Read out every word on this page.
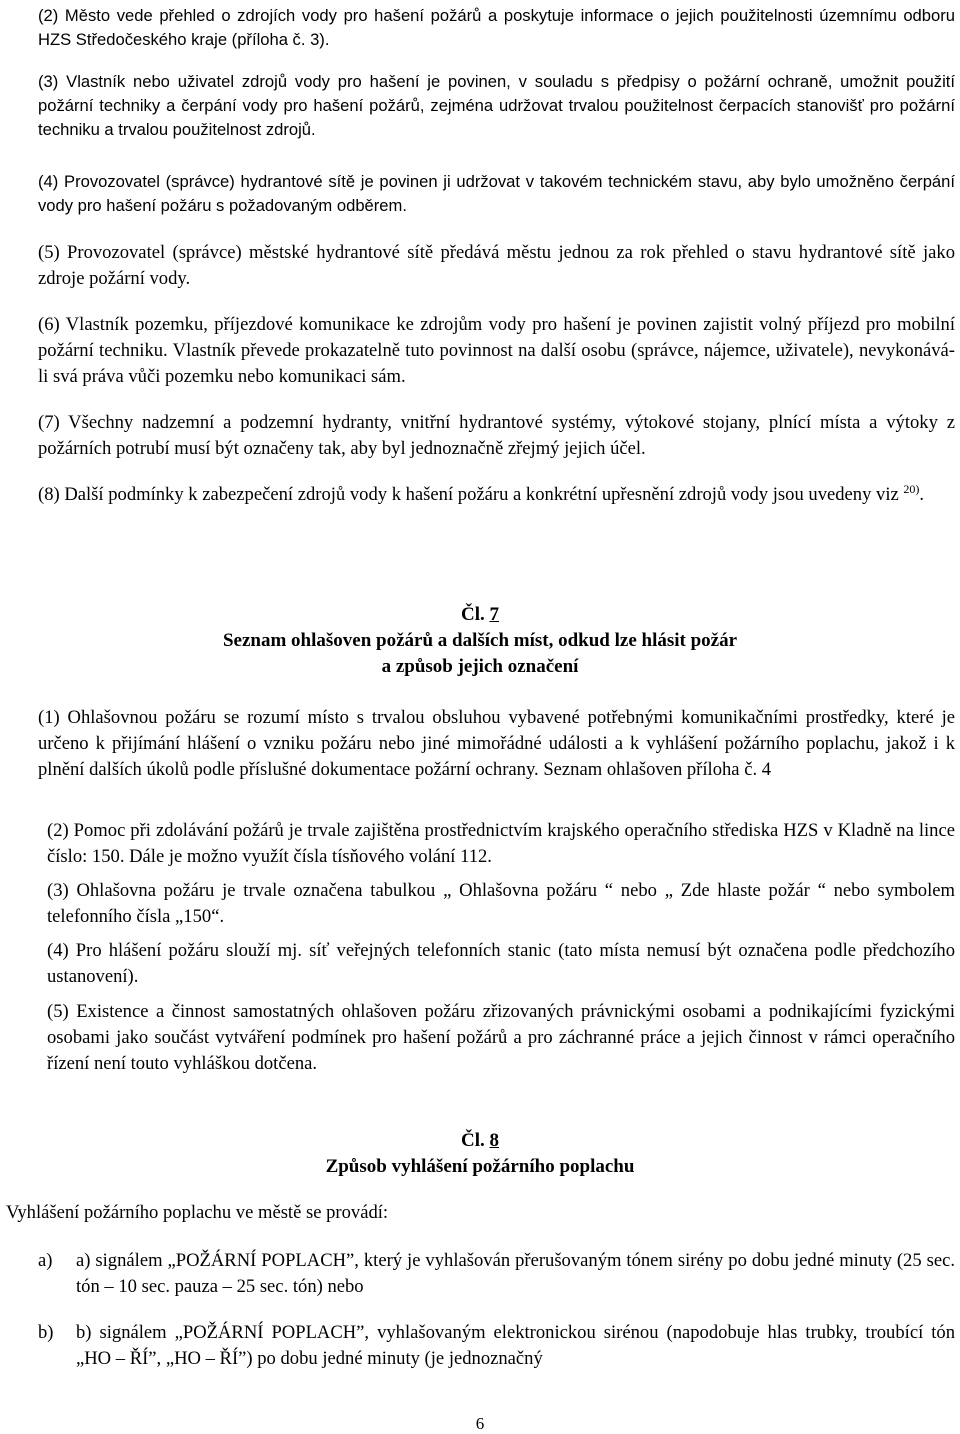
(2) Město vede přehled o zdrojích vody pro hašení požárů a poskytuje informace o jejich použitelnosti územnímu odboru HZS Středočeského kraje (příloha č. 3).

(3) Vlastník nebo uživatel zdrojů vody pro hašení je povinen, v souladu s předpisy o požární ochraně, umožnit použití požární techniky a čerpání vody pro hašení požárů, zejména udržovat trvalou použitelnost čerpacích stanovišť pro požární techniku a trvalou použitelnost zdrojů.

(4) Provozovatel (správce) hydrantové sítě je povinen ji udržovat v takovém technickém stavu, aby bylo umožněno čerpání vody pro hašení požáru s požadovaným odběrem.

(5) Provozovatel (správce) městské hydrantové sítě předává městu jednou za rok přehled o stavu hydrantové sítě jako zdroje požární vody.

(6) Vlastník pozemku, příjezdové komunikace ke zdrojům vody pro hašení je povinen zajistit volný příjezd pro mobilní požární techniku. Vlastník převede prokazatelně tuto povinnost na další osobu (správce, nájemce, uživatele), nevykonává-li svá práva vůči pozemku nebo komunikaci sám.

(7) Všechny nadzemní a podzemní hydranty, vnitřní hydrantové systémy, výtokové stojany, plnící místa a výtoky z požárních potrubí musí být označeny tak, aby byl jednoznačně zřejmý jejich účel.

(8) Další podmínky k zabezpečení zdrojů vody k hašení požáru a konkrétní upřesnění zdrojů vody jsou uvedeny viz $^{20)}$.

Čl. 7

Seznam ohlašoven požárů a dalších míst, odkud lze hlásit požár

a způsob jejich označení

(1) Ohlašovnou požáru se rozumí místo s trvalou obsluhou vybavené potřebnými komunikačními prostředky, které je určeno k přijímání hlášení o vzniku požáru nebo jiné mimořádné události a k vyhlášení požárního poplachu, jakož i k plnění dalších úkolů podle příslušné dokumentace požární ochrany. Seznam ohlašoven příloha č. 4

(2) Pomoc při zdolávání požárů je trvale zajištěna prostřednictvím krajského operačního střediska HZS v Kladně na lince číslo: 150. Dále je možno využít čísla tísňového volání 112.

(3) Ohlašovna požáru je trvale označena tabulkou „ Ohlašovna požáru “ nebo „ Zde hlaste požár “ nebo symbolem telefonního čísla „150“.

(4) Pro hlášení požáru slouží mj. síť veřejných telefonních stanic (tato místa nemusí být označena podle předchozího ustanovení).

(5) Existence a činnost samostatných ohlašoven požáru zřizovaných právnickými osobami a podnikajícími fyzickými osobami jako součást vytváření podmínek pro hašení požárů a pro záchranné práce a jejich činnost v rámci operačního řízení není touto vyhláškou dotčena.

Čl. 8

Způsob vyhlášení požárního poplachu

Vyhlášení požárního poplachu ve městě se provádí:

a)	a) signálem „POŽÁRNÍ POPLACH”, který je vyhlašován přerušovaným tónem sirény po dobu jedné minuty (25 sec. tón – 10 sec. pauza – 25 sec. tón) nebo
b)	b) signálem „POŽÁRNÍ POPLACH”, vyhlašovaným elektronickou sirénou (napodobuje hlas trubky, troubící tón „HO – ŘÍ”, „HO – ŘÍ”) po dobu jedné minuty (je jednoznačný
6
